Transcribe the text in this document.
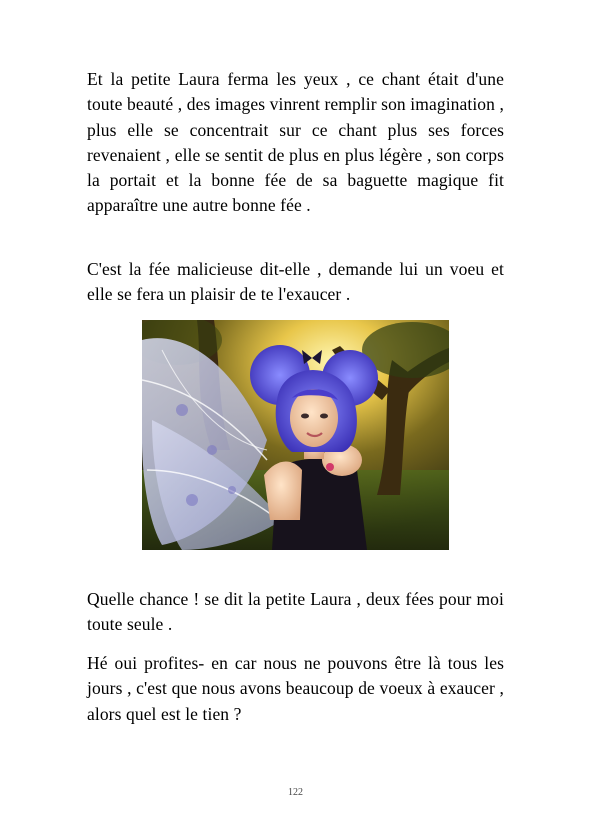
Et la petite Laura ferma les yeux , ce chant était d'une toute beauté , des images vinrent remplir son imagination , plus elle se concentrait sur ce chant plus ses forces revenaient , elle se sentit de plus en plus légère , son corps la portait et la bonne fée de sa baguette magique fit apparaître une autre bonne fée .

C'est la fée malicieuse dit-elle , demande lui un voeu et elle se fera un plaisir de te l'exaucer .

Quelle chance ! se dit la petite Laura , deux fées pour moi toute seule .

Hé oui profites- en car nous ne pouvons être là tous les jours , c'est que nous avons beaucoup de voeux à exaucer , alors quel est le tien ?

122
